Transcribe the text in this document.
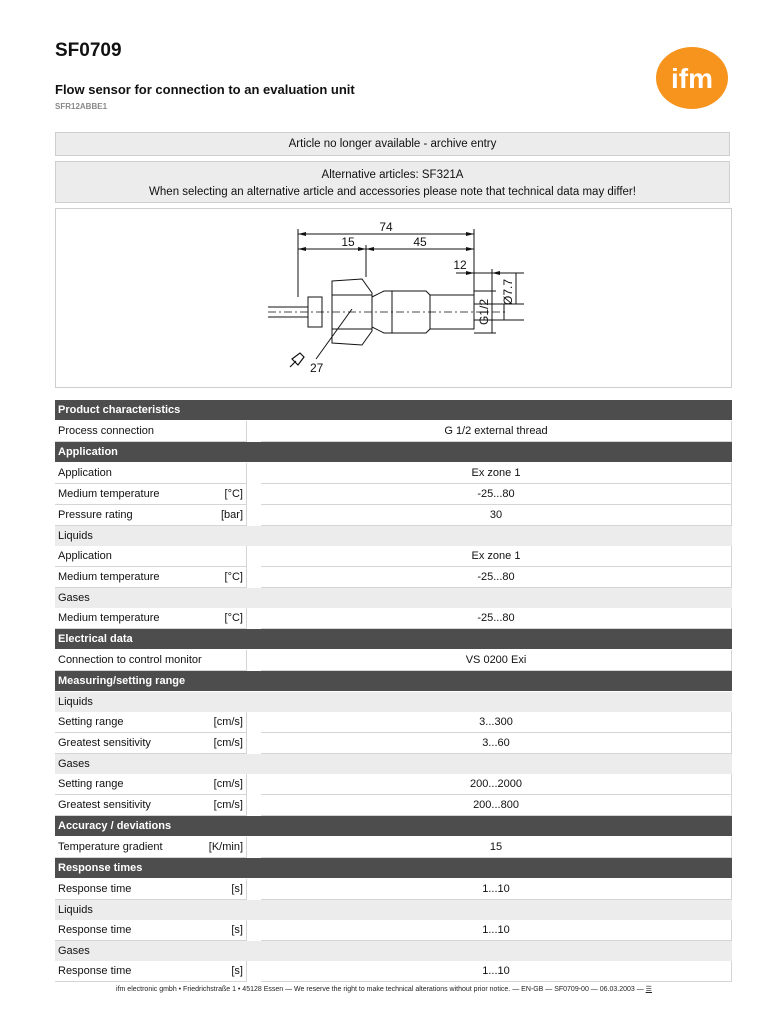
SF0709
Flow sensor for connection to an evaluation unit
SFR12ABBE1
ifm
Article no longer available - archive entry
Alternative articles: SF321A
When selecting an alternative article and accessories please note that technical data may differ!
74
15	45
12
Ø7.7
G1/2
27
Product characteristics			
Process connection			G 1/2 external thread
Application			
Application			Ex zone 1
Medium temperature	[°C]		-25...80
Pressure rating	[bar]		30
Liquids			
Application			Ex zone 1
Medium temperature	[°C]		-25...80
Gases			
Medium temperature	[°C]		-25...80
Electrical data			
Connection to control monitor			VS 0200 Exi
Measuring/setting range			
Liquids			
Setting range	[cm/s]		3...300
Greatest sensitivity	[cm/s]		3...60
Gases			
Setting range	[cm/s]		200...2000
Greatest sensitivity	[cm/s]		200...800
Accuracy / deviations			
Temperature gradient	[K/min]		15
Response times			
Response time	[s]		1...10
Liquids			
Response time	[s]		1...10
Gases			
Response time	[s]		1...10
ifm electronic gmbh • Friedrichstraße 1 • 45128 Essen — We reserve the right to make technical alterations without prior notice. — EN-GB — SF0709-00 — 06.03.2003 — ☰
